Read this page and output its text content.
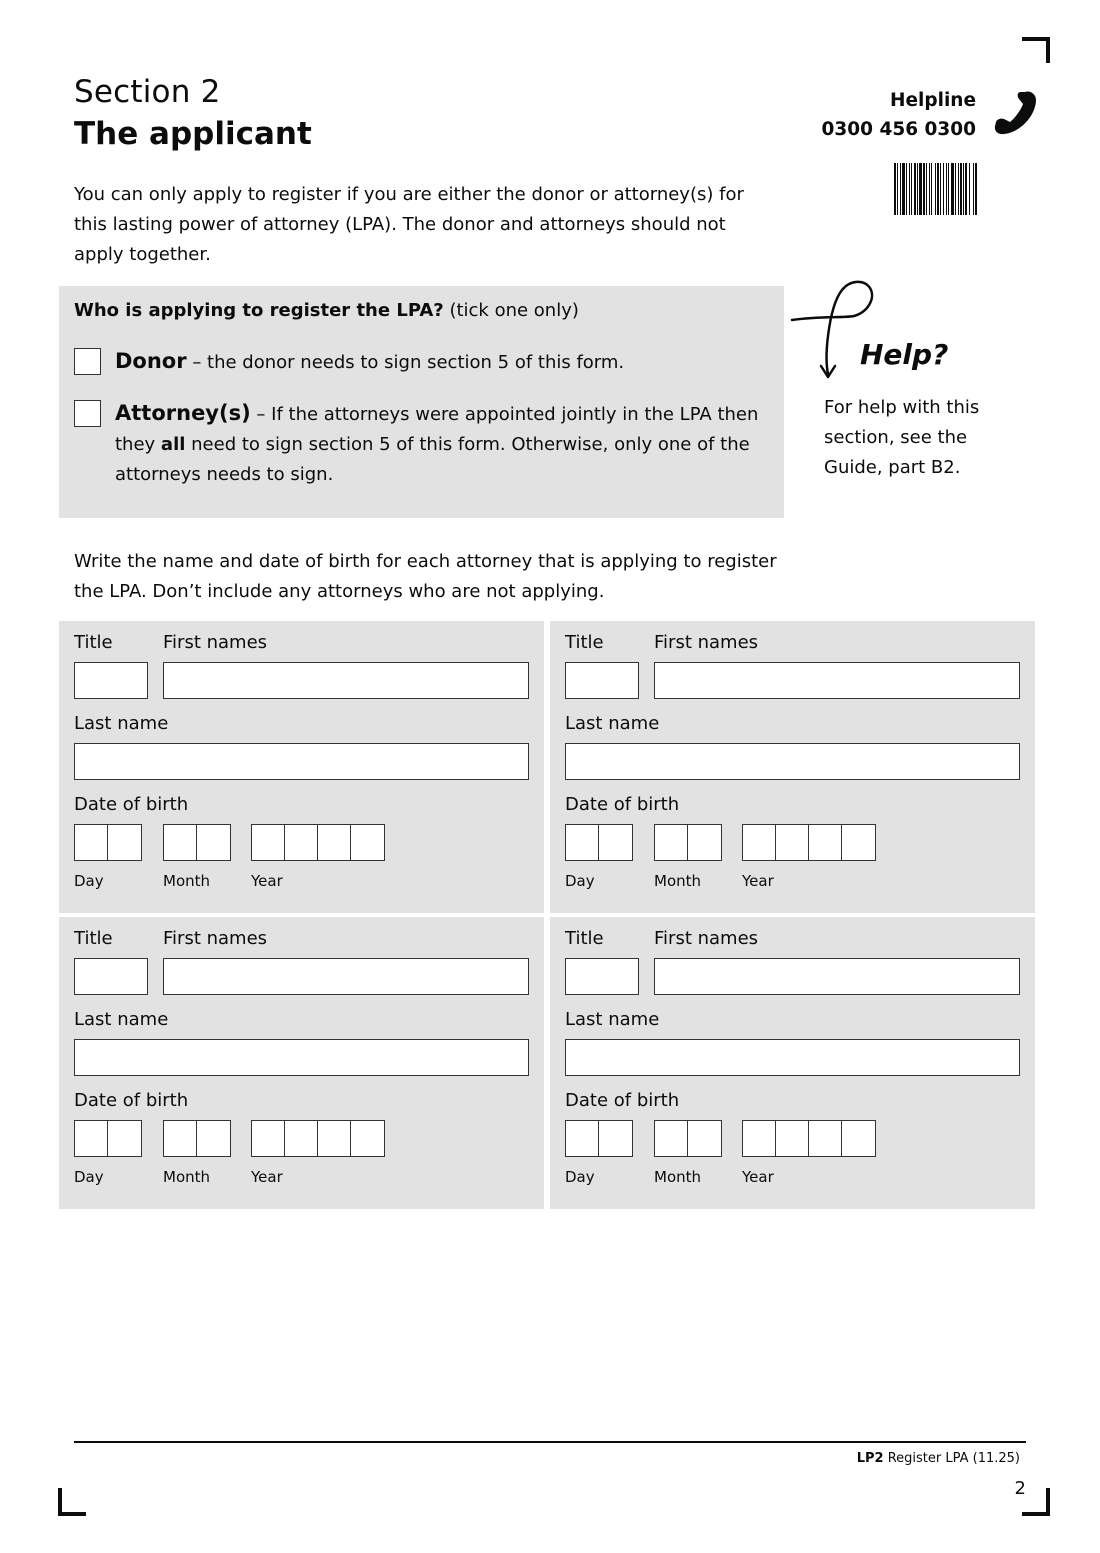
Section 2
The applicant
Helpline
0300 456 0300

You can only apply to register if you are either the donor or attorney(s) for this lasting power of attorney (LPA). The donor and attorneys should not apply together.

Who is applying to register the LPA? (tick one only)
Donor – the donor needs to sign section 5 of this form.
Attorney(s) – If the attorneys were appointed jointly in the LPA then
they all need to sign section 5 of this form. Otherwise, only one of the
attorneys needs to sign.
Help?
For help with this section, see the Guide, part B2.

Write the name and date of birth for each attorney that is applying to register the LPA. Don’t include any attorneys who are not applying.

Title	First names
Last name
Date of birth
Day	Month	Year
Title	First names
Last name
Date of birth
Day	Month	Year
Title	First names
Last name
Date of birth
Day	Month	Year
Title	First names
Last name
Date of birth
Day	Month	Year
LP2 Register LPA (11.25)
2
